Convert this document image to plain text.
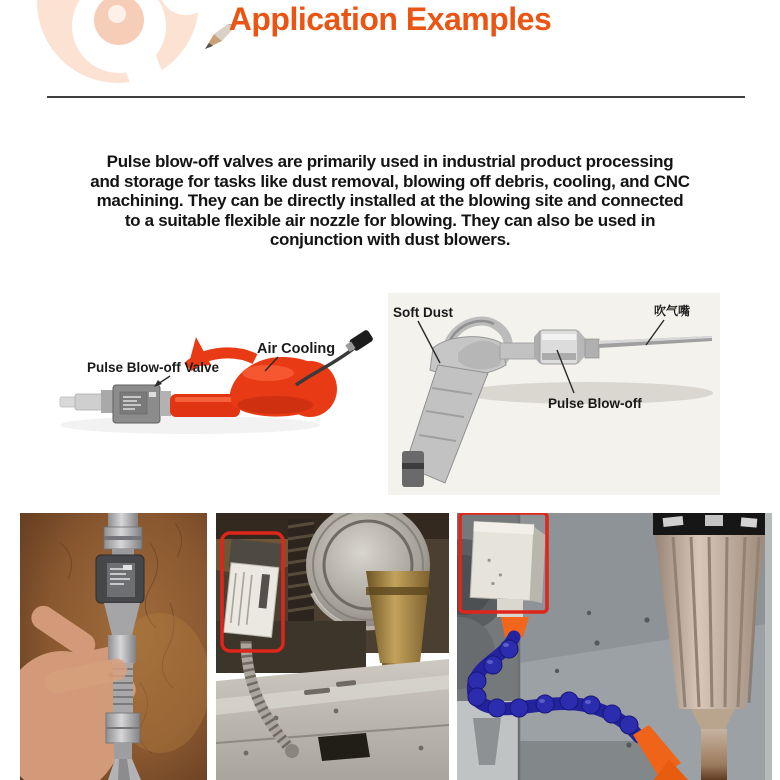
Application Examples
Pulse blow-off valves are primarily used in industrial product processing
and storage for tasks like dust removal, blowing off debris, cooling, and CNC
machining. They can be directly installed at the blowing site and connected
to a suitable flexible air nozzle for blowing. They can also be used in
conjunction with dust blowers.
Pulse Blow-off Valve
Air Cooling
Soft Dust	吹气嘴
Pulse Blow-off
